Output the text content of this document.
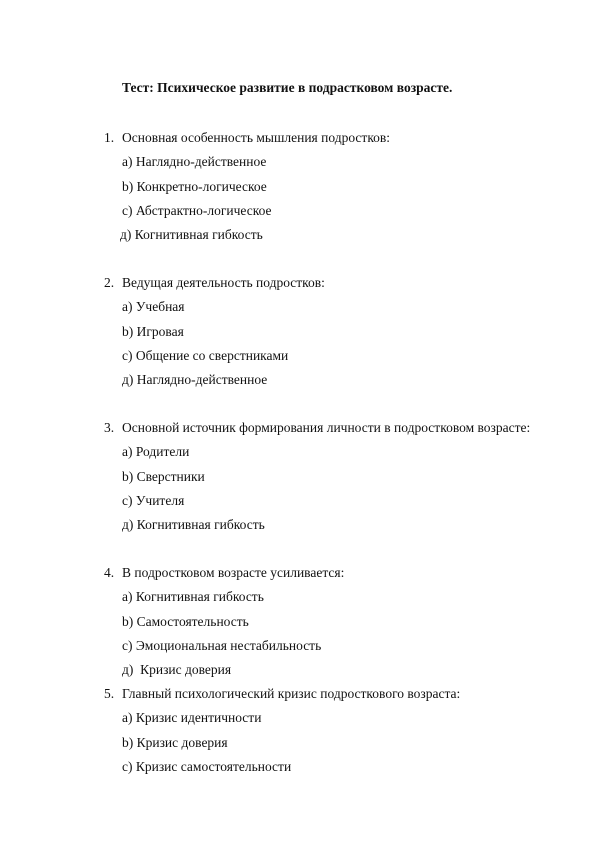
Тест: Психическое развитие в подрастковом возрасте.
1. Основная особенность мышления подростков:
а) Наглядно-действенное
b) Конкретно-логическое
c) Абстрактно-логическое
д) Когнитивная гибкость
2. Ведущая деятельность подростков:
а) Учебная
b) Игровая
c) Общение со сверстниками
д) Наглядно-действенное
3. Основной источник формирования личности в подростковом возрасте:
а) Родители
b) Сверстники
c) Учителя
д) Когнитивная гибкость
4. В подростковом возрасте усиливается:
а) Когнитивная гибкость
b) Самостоятельность
c) Эмоциональная нестабильность
д)  Кризис доверия
5. Главный психологический кризис подросткового возраста:
а) Кризис идентичности
b) Кризис доверия
c) Кризис самостоятельности
